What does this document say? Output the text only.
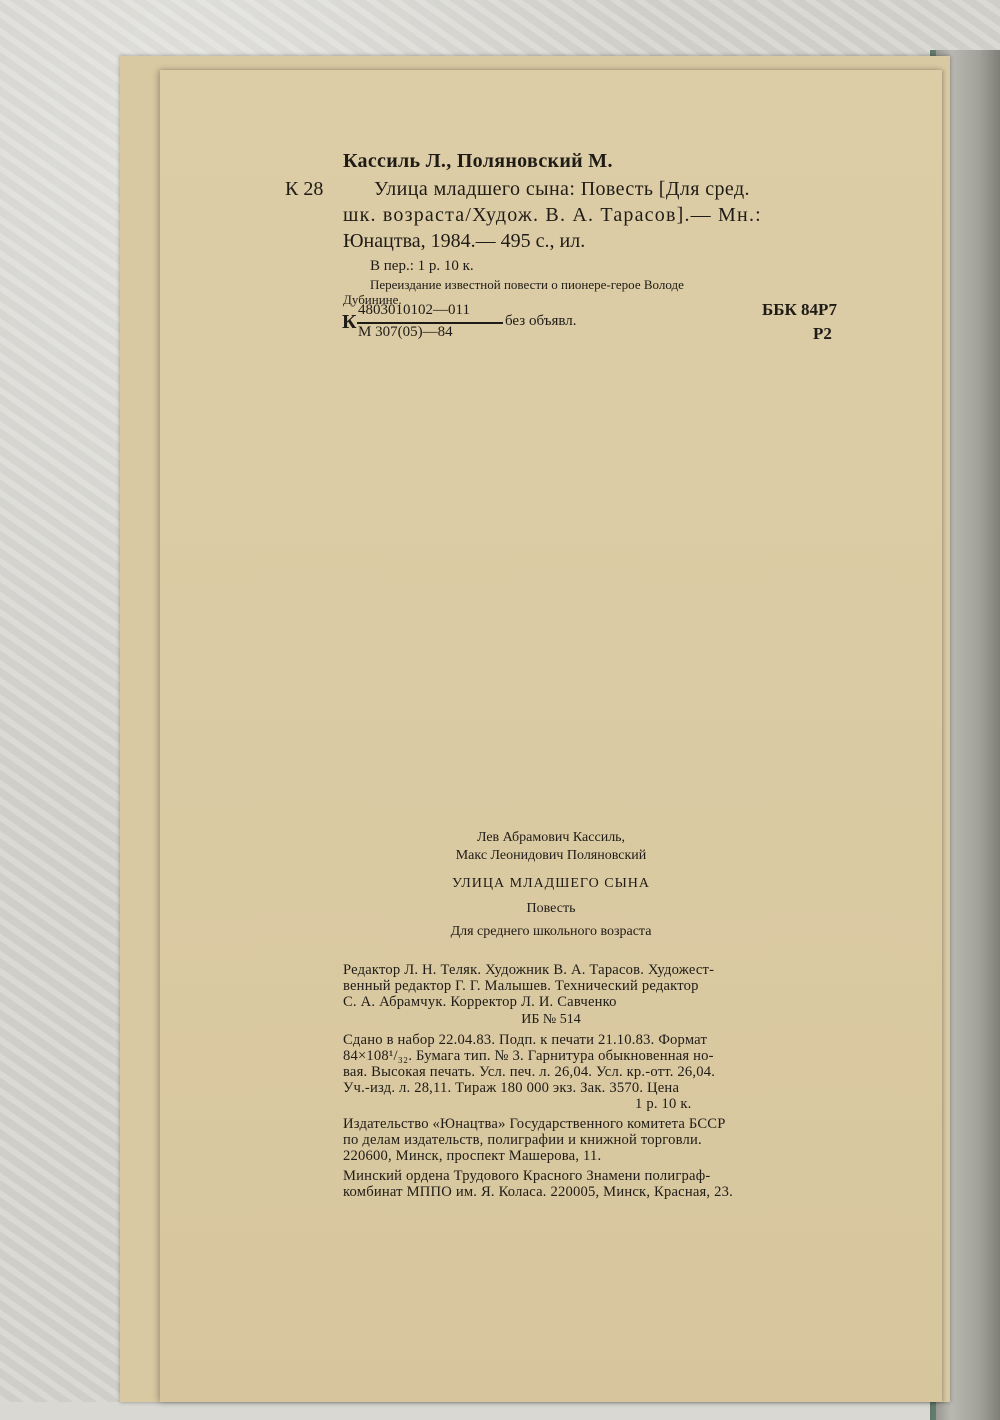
Кассиль Л., Поляновский М.
К 28	Улица младшего сына: Повесть [Для сред.
шк. возраста/Худож. В. А. Тарасов].— Мн.:
Юнацтва, 1984.— 495 с., ил.
В пер.: 1 р. 10 к.
Переиздание известной повести о пионере-герое Володе
Дубинине.
К
4803010102—011
М 307(05)—84
без объявл.
ББК 84Р7
Р2
Лев Абрамович Кассиль,
Макс Леонидович Поляновский
УЛИЦА МЛАДШЕГО СЫНА
Повесть
Для среднего школьного возраста
Редактор Л. Н. Теляк. Художник В. А. Тарасов. Художест-
венный редактор Г. Г. Малышев. Технический редактор
С. А. Абрамчук. Корректор Л. И. Савченко
ИБ № 514
Сдано в набор 22.04.83. Подп. к печати 21.10.83. Формат
84×108¹/₃₂. Бумага тип. № 3. Гарнитура обыкновенная но-
вая. Высокая печать. Усл. печ. л. 26,04. Усл. кр.-отт. 26,04.
Уч.-изд. л. 28,11. Тираж 180 000 экз. Зак. 3570. Цена
1 р. 10 к.
Издательство «Юнацтва» Государственного комитета БССР
по делам издательств, полиграфии и книжной торговли.
220600, Минск, проспект Машерова, 11.
Минский ордена Трудового Красного Знамени полиграф-
комбинат МППО им. Я. Коласа. 220005, Минск, Красная, 23.
